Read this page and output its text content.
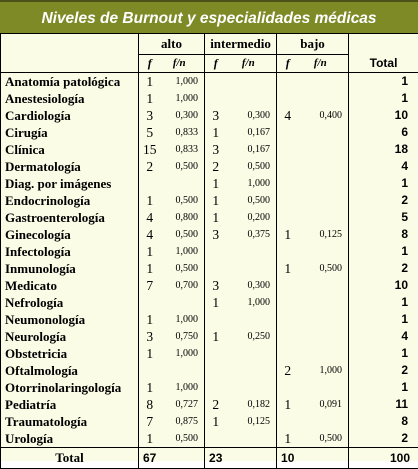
Niveles de Burnout y especialidades médicas
	alto		intermedio		bajo		
	f	f/n	f	f/n	f	f/n	Total
Anatomía patológica	1	1,000					1
Anestesiología	1	1,000					1
Cardiología	3	0,300	3	0,300	4	0,400	10
Cirugía	5	0,833	1	0,167			6
Clínica	15	0,833	3	0,167			18
Dermatología	2	0,500	2	0,500			4
Diag. por imágenes			1	1,000			1
Endocrinología	1	0,500	1	0,500			2
Gastroenterología	4	0,800	1	0,200			5
Ginecología	4	0,500	3	0,375	1	0,125	8
Infectología	1	1,000					1
Inmunología	1	0,500			1	0,500	2
Medicato	7	0,700	3	0,300			10
Nefrología			1	1,000			1
Neumonología	1	1,000					1
Neurología	3	0,750	1	0,250			4
Obstetricia	1	1,000					1
Oftalmología					2	1,000	2
Otorrinolaringología	1	1,000					1
Pediatría	8	0,727	2	0,182	1	0,091	11
Traumatología	7	0,875	1	0,125			8
Urología	1	0,500			1	0,500	2
Total	67		23		10		100
